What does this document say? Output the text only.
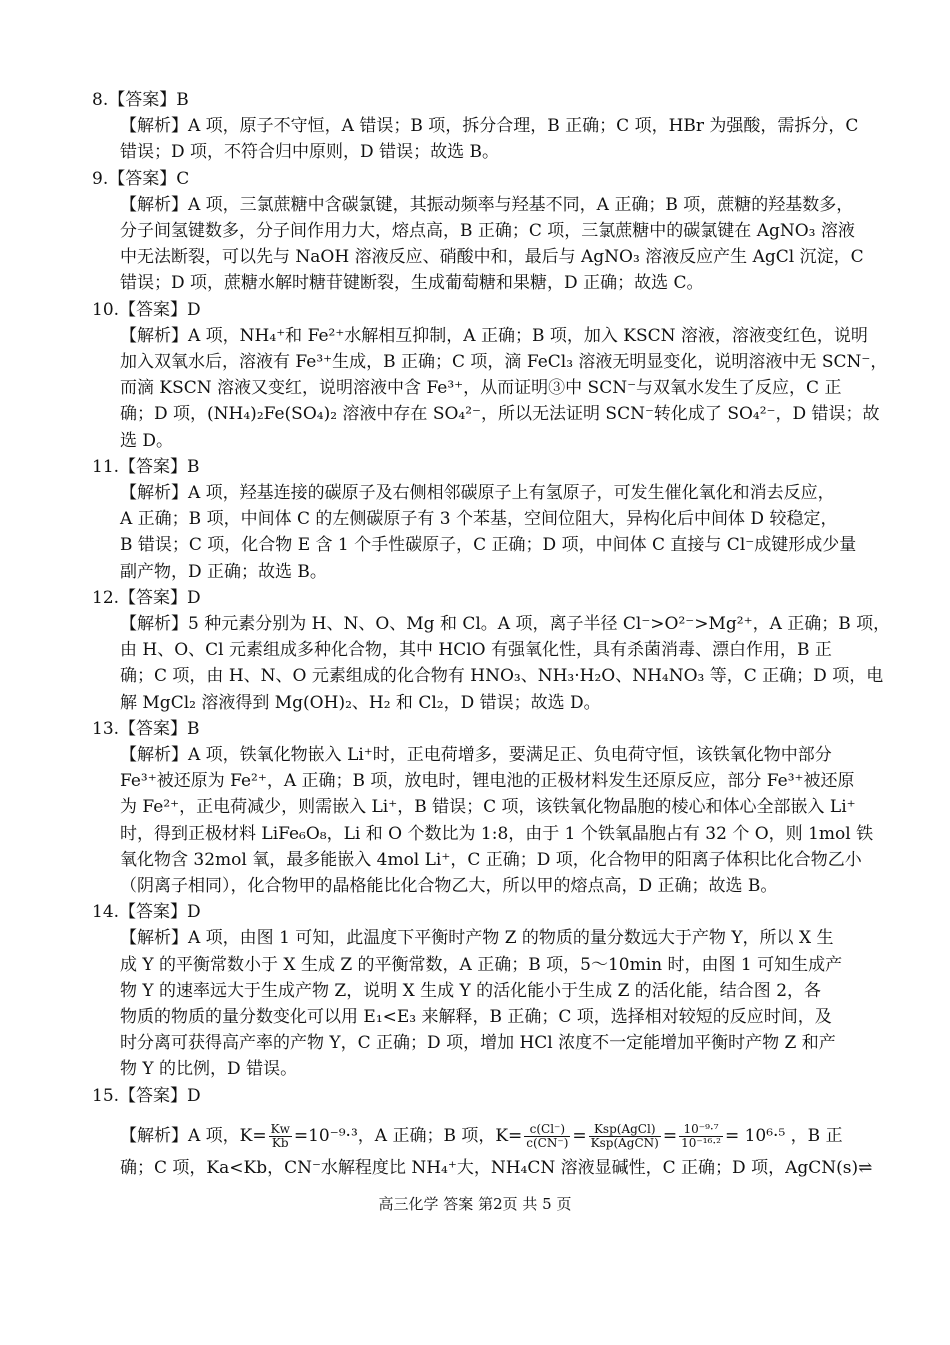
8.【答案】B
【解析】A 项，原子不守恒，A 错误；B 项，拆分合理，B 正确；C 项，HBr 为强酸，需拆分，C
错误；D 项，不符合归中原则，D 错误；故选 B。
9.【答案】C
【解析】A 项，三氯蔗糖中含碳氯键，其振动频率与羟基不同，A 正确；B 项，蔗糖的羟基数多，
分子间氢键数多，分子间作用力大，熔点高，B 正确；C 项，三氯蔗糖中的碳氯键在 AgNO₃ 溶液
中无法断裂，可以先与 NaOH 溶液反应、硝酸中和，最后与 AgNO₃ 溶液反应产生 AgCl 沉淀，C
错误；D 项，蔗糖水解时糖苷键断裂，生成葡萄糖和果糖，D 正确；故选 C。
10.【答案】D
【解析】A 项，NH₄⁺和 Fe²⁺水解相互抑制，A 正确；B 项，加入 KSCN 溶液，溶液变红色，说明
加入双氧水后，溶液有 Fe³⁺生成，B 正确；C 项，滴 FeCl₃ 溶液无明显变化，说明溶液中无 SCN⁻，
而滴 KSCN 溶液又变红，说明溶液中含 Fe³⁺，从而证明③中 SCN⁻与双氧水发生了反应，C 正
确；D 项，(NH₄)₂Fe(SO₄)₂ 溶液中存在 SO₄²⁻，所以无法证明 SCN⁻转化成了 SO₄²⁻，D 错误；故
选 D。
11.【答案】B
【解析】A 项，羟基连接的碳原子及右侧相邻碳原子上有氢原子，可发生催化氧化和消去反应，
A 正确；B 项，中间体 C 的左侧碳原子有 3 个苯基，空间位阻大，异构化后中间体 D 较稳定，
B 错误；C 项，化合物 E 含 1 个手性碳原子，C 正确；D 项，中间体 C 直接与 Cl⁻成键形成少量
副产物，D 正确；故选 B。
12.【答案】D
【解析】5 种元素分别为 H、N、O、Mg 和 Cl。A 项，离子半径 Cl⁻>O²⁻>Mg²⁺，A 正确；B 项，
由 H、O、Cl 元素组成多种化合物，其中 HClO 有强氧化性，具有杀菌消毒、漂白作用，B 正
确；C 项，由 H、N、O 元素组成的化合物有 HNO₃、NH₃·H₂O、NH₄NO₃ 等，C 正确；D 项，电
解 MgCl₂ 溶液得到 Mg(OH)₂、H₂ 和 Cl₂，D 错误；故选 D。
13.【答案】B
【解析】A 项，铁氧化物嵌入 Li⁺时，正电荷增多，要满足正、负电荷守恒，该铁氧化物中部分
Fe³⁺被还原为 Fe²⁺，A 正确；B 项，放电时，锂电池的正极材料发生还原反应，部分 Fe³⁺被还原
为 Fe²⁺，正电荷减少，则需嵌入 Li⁺，B 错误；C 项，该铁氧化物晶胞的棱心和体心全部嵌入 Li⁺
时，得到正极材料 LiFe₆O₈，Li 和 O 个数比为 1:8，由于 1 个铁氧晶胞占有 32 个 O，则 1mol 铁
氧化物含 32mol 氧，最多能嵌入 4mol Li⁺，C 正确；D 项，化合物甲的阳离子体积比化合物乙小
（阴离子相同），化合物甲的晶格能比化合物乙大，所以甲的熔点高，D 正确；故选 B。
14.【答案】D
【解析】A 项，由图 1 可知，此温度下平衡时产物 Z 的物质的量分数远大于产物 Y，所以 X 生
成 Y 的平衡常数小于 X 生成 Z 的平衡常数，A 正确；B 项，5～10min 时，由图 1 可知生成产
物 Y 的速率远大于生成产物 Z，说明 X 生成 Y 的活化能小于生成 Z 的活化能，结合图 2，各
物质的物质的量分数变化可以用 E₁<E₃ 来解释，B 正确；C 项，选择相对较短的反应时间，及
时分离可获得高产率的产物 Y，C 正确；D 项，增加 HCl 浓度不一定能增加平衡时产物 Z 和产
物 Y 的比例，D 错误。
15.【答案】D
【解析】A 项，$K= \frac{Kw}{Kb} =10^{-9}\cdot^3$，A 正确；B 项，$K= \frac{c(Cl^-)}{c(CN^-)} = \frac{\text{Ksp(AgCl)}}{\text{Ksp(AgCN)}} = \frac{\text{10⁻⁹·⁷}}{\text{10⁻¹⁶·²}} = 10^6\cdot^5$ ，B 正
确；C 项，Ka<Kb，CN⁻水解程度比 NH₄⁺大，NH₄CN 溶液显碱性，C 正确；D 项，AgCN(s)⇌
高三化学 答案 第2页 共 5 页
